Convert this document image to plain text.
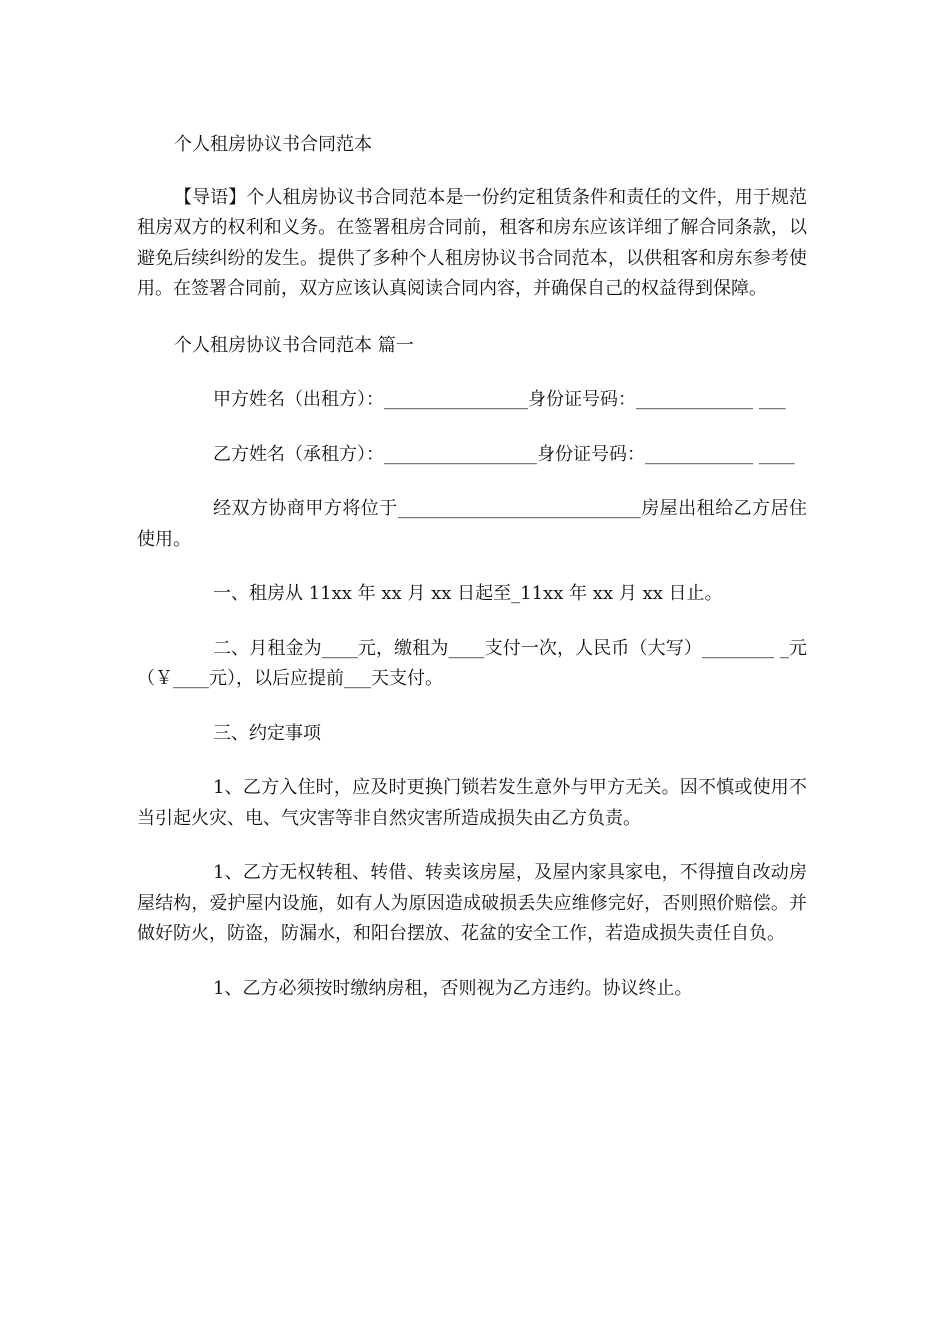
个人租房协议书合同范本

【导语】个人租房协议书合同范本是一份约定租赁条件和责任的文件，用于规范租房双方的权利和义务。在签署租房合同前，租客和房东应该详细了解合同条款，以避免后续纠纷的发生。提供了多种个人租房协议书合同范本，以供租客和房东参考使用。在签署合同前，双方应该认真阅读合同内容，并确保自己的权益得到保障。

个人租房协议书合同范本 篇一

甲方姓名（出租方）：________________身份证号码：_____________ ___

乙方姓名（承租方）：_________________身份证号码：____________ ____

经双方协商甲方将位于___________________________房屋出租给乙方居住使用。

一、租房从 11xx 年 xx 月 xx 日起至_11xx 年 xx 月 xx 日止。

二、月租金为____元，缴租为____支付一次，人民币（大写）________ _元（￥____元），以后应提前___天支付。

三、约定事项

1、乙方入住时，应及时更换门锁若发生意外与甲方无关。因不慎或使用不当引起火灾、电、气灾害等非自然灾害所造成损失由乙方负责。

1、乙方无权转租、转借、转卖该房屋，及屋内家具家电，不得擅自改动房屋结构，爱护屋内设施，如有人为原因造成破损丢失应维修完好，否则照价赔偿。并做好防火，防盗，防漏水，和阳台摆放、花盆的安全工作，若造成损失责任自负。

1、乙方必须按时缴纳房租，否则视为乙方违约。协议终止。
